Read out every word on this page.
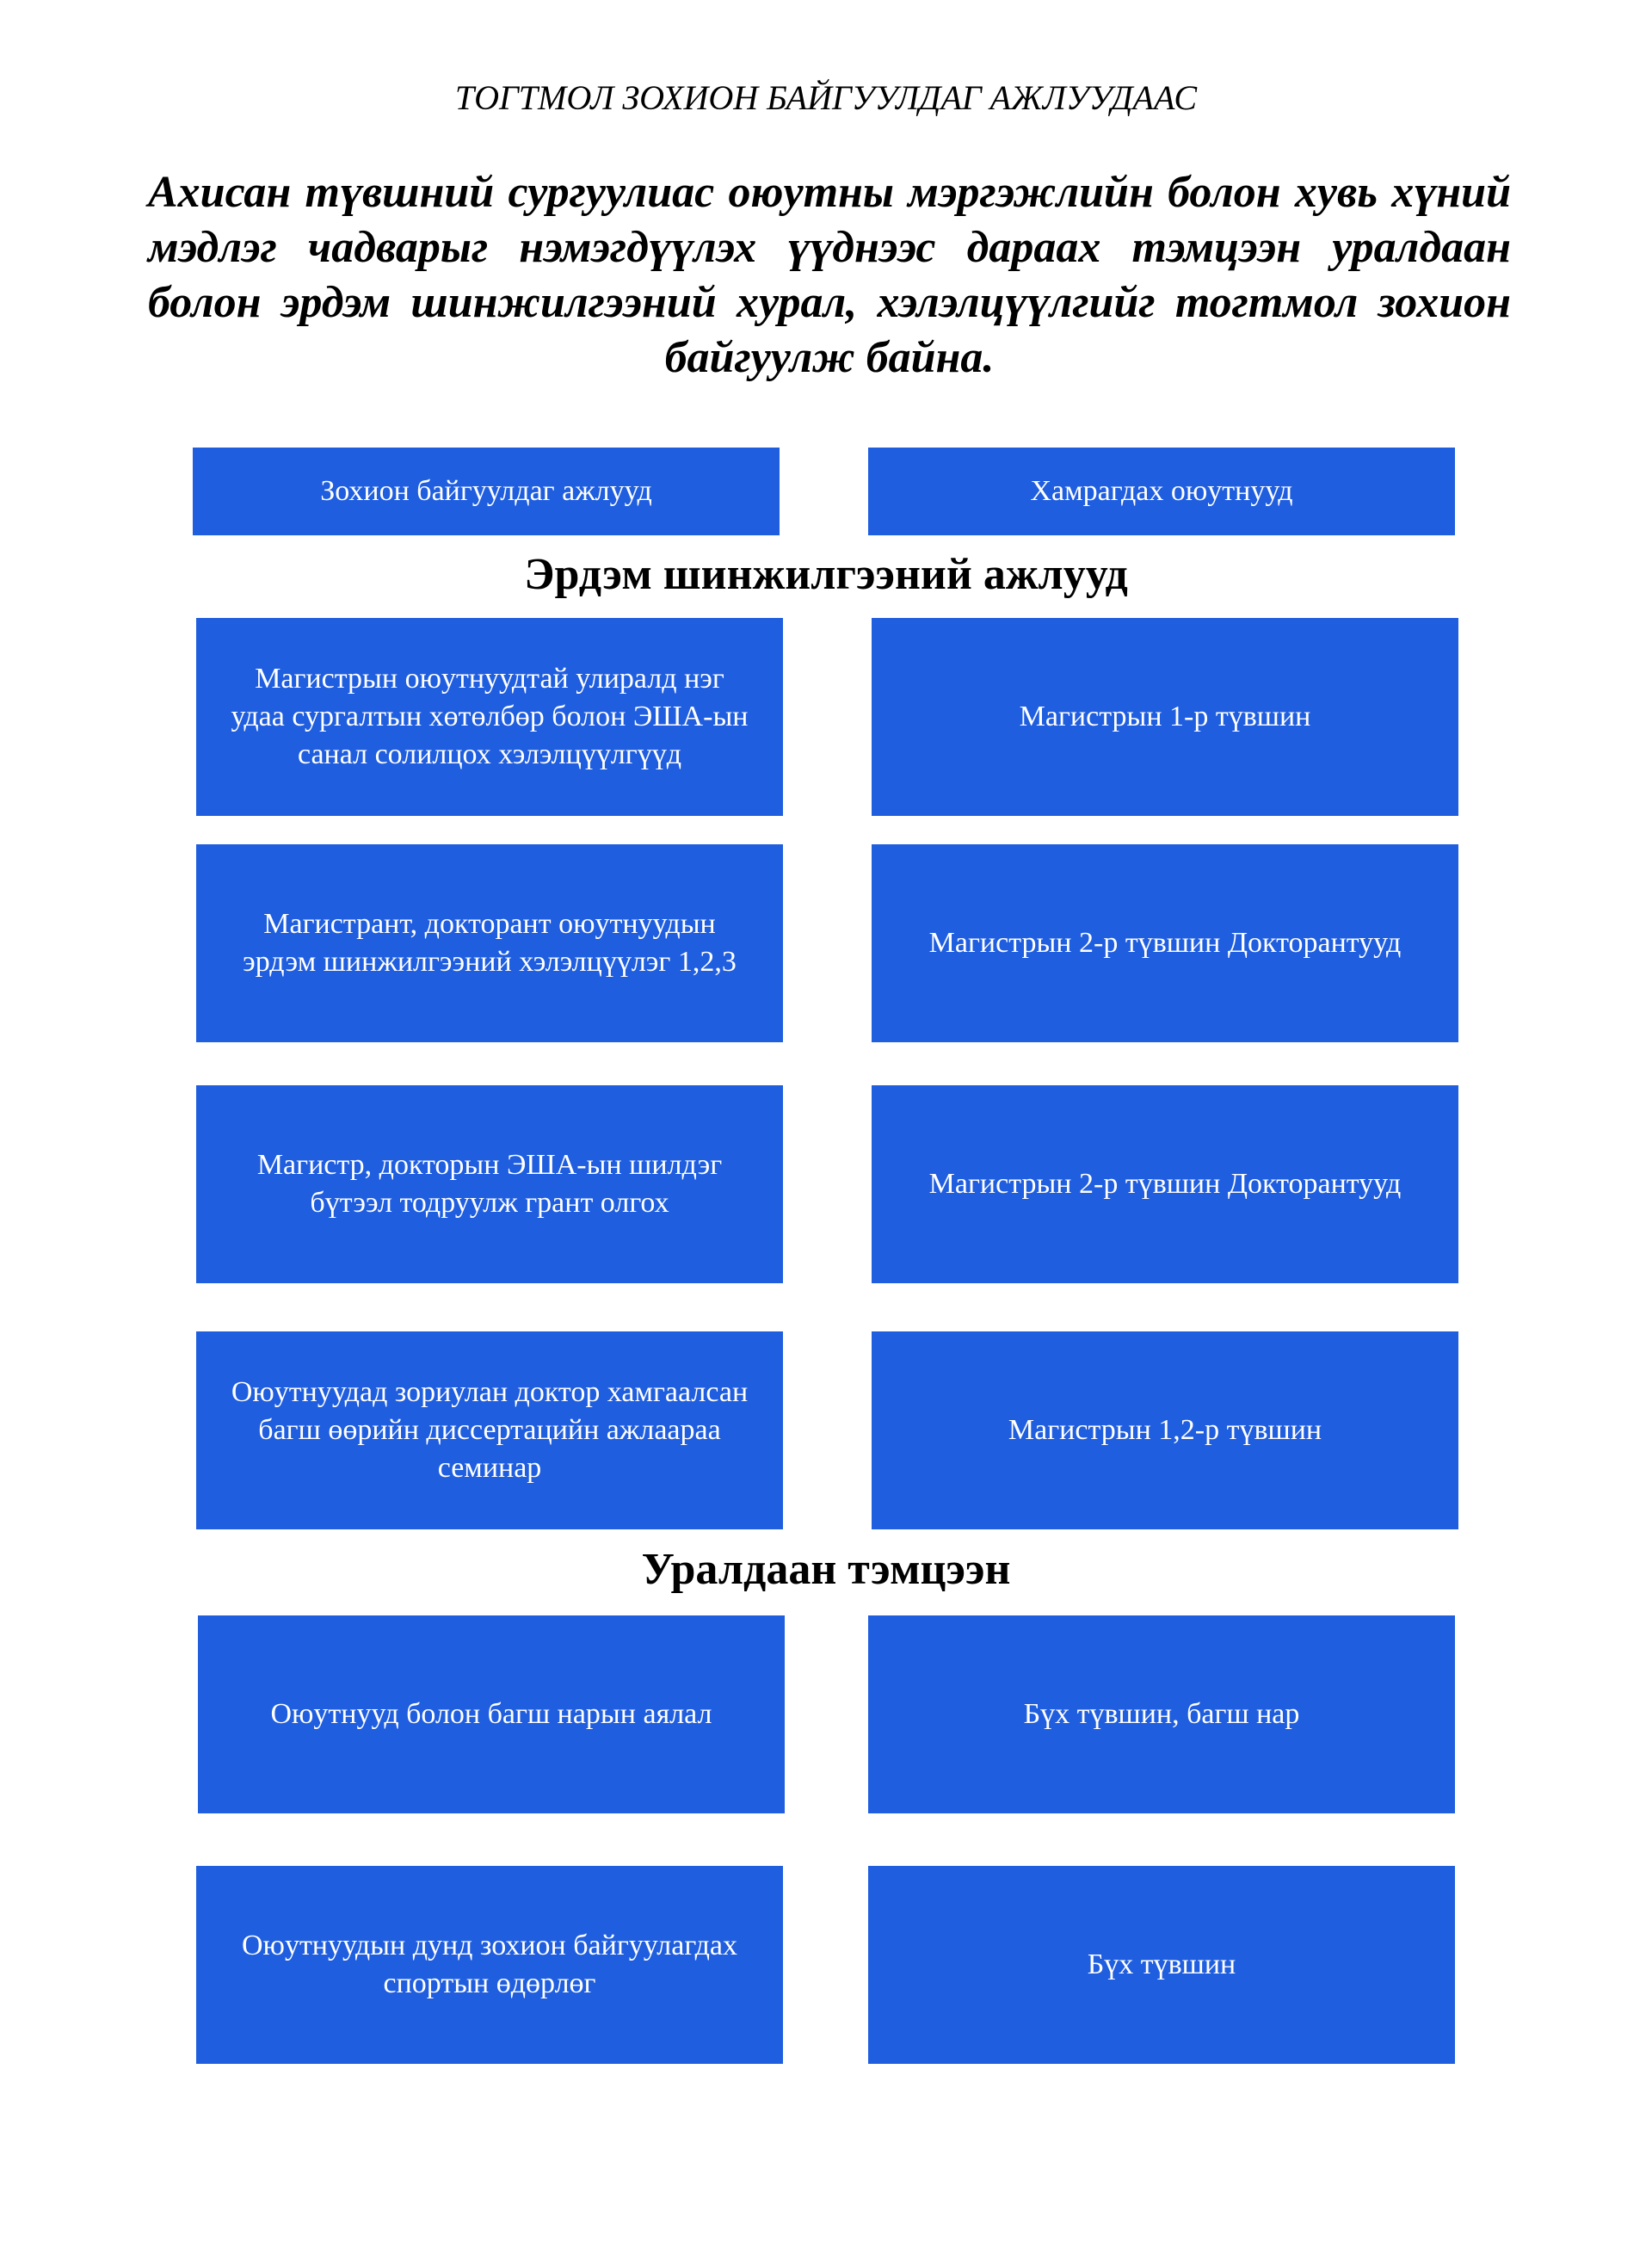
ТОГТМОЛ ЗОХИОН БАЙГУУЛДАГ АЖЛУУДААС

Ахисан түвшний сургуулиас оюутны мэргэжлийн болон хувь хүний мэдлэг чадварыг нэмэгдүүлэх үүднээс дараах тэмцээн уралдаан болон эрдэм шинжилгээний хурал, хэлэлцүүлгийг тогтмол зохион байгуулж байна.

Зохион байгуулдаг ажлууд	Хамрагдах оюутнууд
Эрдэм шинжилгээний ажлууд
Магистрын оюутнуудтай улиралд нэг удаа сургалтын хөтөлбөр болон ЭША-ын санал солилцох хэлэлцүүлгүүд
Магистрын 1-р түвшин
Магистрант, докторант оюутнуудын эрдэм шинжилгээний хэлэлцүүлэг 1,2,3
Магистрын 2-р түвшин Докторантууд
Магистр, докторын ЭША-ын шилдэг бүтээл тодруулж грант олгох
Магистрын 2-р түвшин Докторантууд
Оюутнуудад зориулан доктор хамгаалсан багш өөрийн диссертацийн ажлаараа семинар
Магистрын 1,2-р түвшин
Уралдаан тэмцээн
Оюутнууд болон багш нарын аялал	Бүх түвшин, багш нар
Оюутнуудын дунд зохион байгуулагдах спортын өдөрлөг
Бүх түвшин
